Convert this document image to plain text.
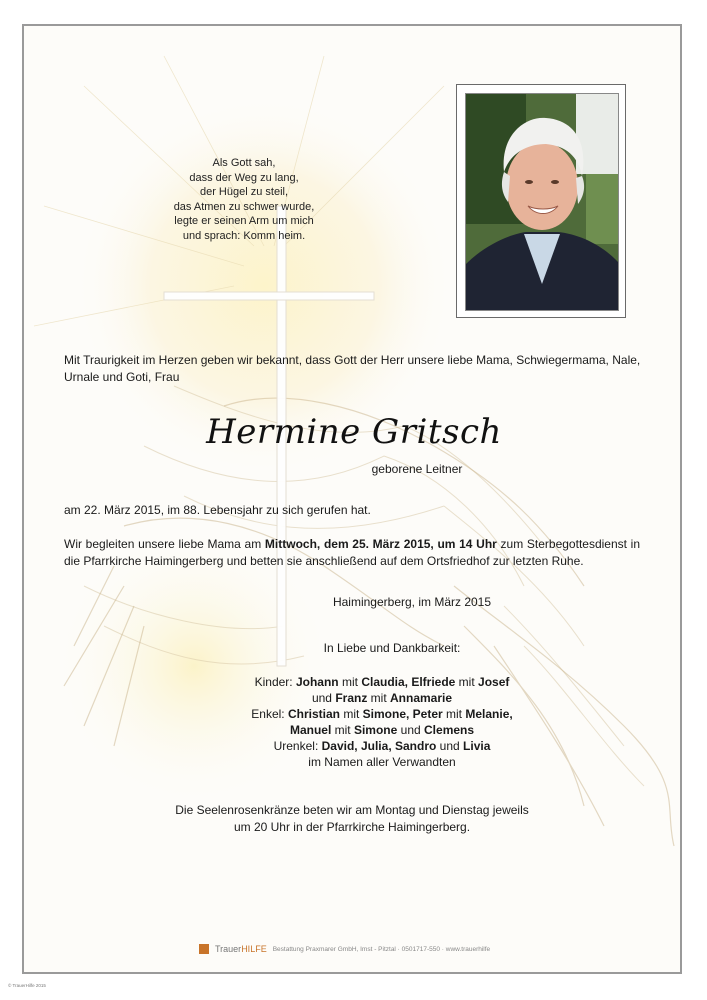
Als Gott sah,
dass der Weg zu lang,
der Hügel zu steil,
das Atmen zu schwer wurde,
legte er seinen Arm um mich
und sprach: Komm heim.
Mit Traurigkeit im Herzen geben wir bekannt, dass Gott der Herr unsere liebe Mama, Schwiegermama, Nale, Urnale und Goti, Frau
Hermine Gritsch
geborene Leitner
am 22. März 2015, im 88. Lebensjahr zu sich gerufen hat.
Wir begleiten unsere liebe Mama am Mittwoch, dem 25. März 2015, um 14 Uhr zum Sterbegottesdienst in die Pfarrkirche Haimingerberg und betten sie anschließend auf dem Ortsfriedhof zur letzten Ruhe.
Haimingerberg, im März 2015
In Liebe und Dankbarkeit:
Kinder: Johann mit Claudia, Elfriede mit Josef
und Franz mit Annamarie
Enkel: Christian mit Simone, Peter mit Melanie,
Manuel mit Simone und Clemens
Urenkel: David, Julia, Sandro und Livia
im Namen aller Verwandten
Die Seelenrosenkränze beten wir am Montag und Dienstag jeweils
um 20 Uhr in der Pfarrkirche Haimingerberg.
TrauerHILFE Bestattung Praxmarer GmbH, Imst - Pitztal · 0501717-550 · www.trauerhilfe
© TrauerHilfe 2015
